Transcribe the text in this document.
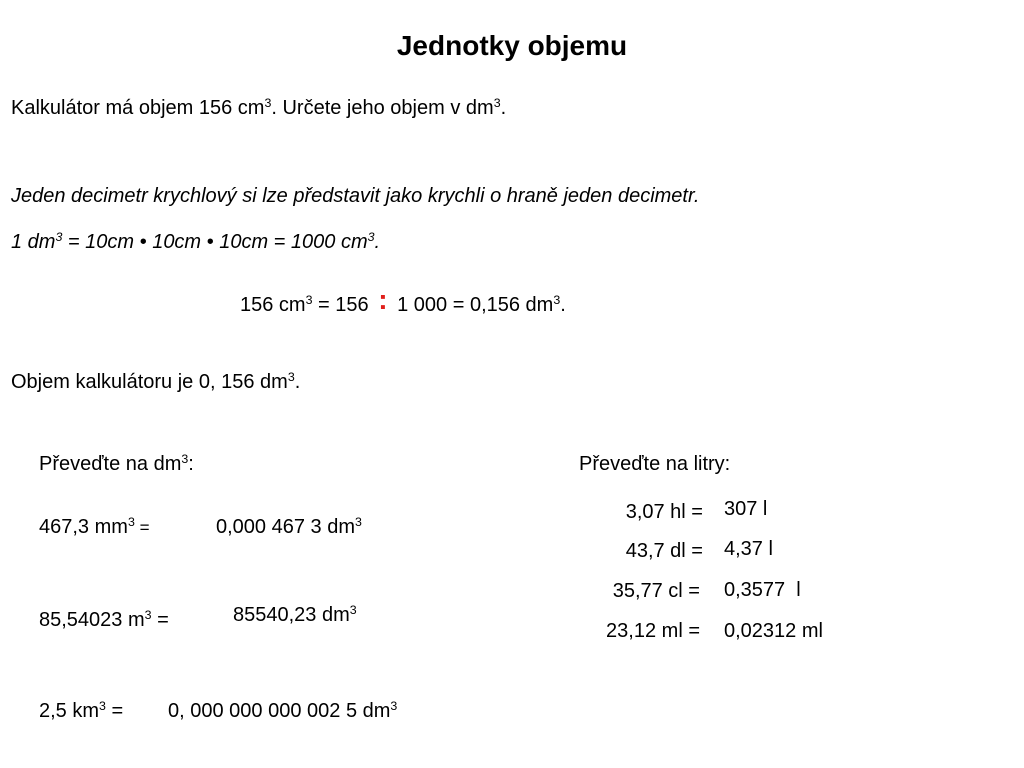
Jednotky objemu
Kalkulátor má objem 156 $cm^3$. Určete jeho objem v $dm^3$.
Jeden decimetr krychlový si lze představit jako krychli o hraně jeden decimetr.
1 $dm^3 = 10cm$ • 10cm • 10cm = 1000 $cm^3$.
156 $cm^3 = 156$ : 1 000 = 0,156 $dm^3$.
Objem kalkulátoru je 0, 156 $dm^3$.
Převeďte na $dm^3$:
467,3 $mm^3$ =	0,000 467 3 $dm^3$
85,54023 $m^3$ =	85540,23 $dm^3$
2,5 $km^3 = 0$, 000 000 000 002 5 $dm^3$
Převeďte na litry:
3,07 hl = 307 l
43,7 dl = 4,37 l
35,77 cl = 0,3577  l
23,12 ml = 0,02312 ml
